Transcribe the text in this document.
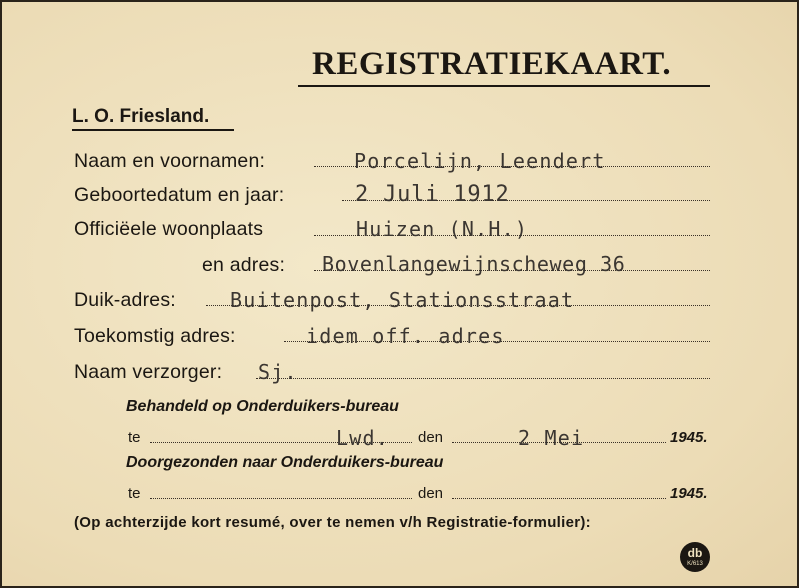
REGISTRATIEKAART.
L. O. Friesland.
Naam en voornamen:	Porcelijn, Leendert
Geboortedatum en jaar:	2 Juli 1912
Officiëele woonplaats	Huizen (N.H.)
en adres: Bovenlangewijnscheweg 36
Duik-adres:	Buitenpost, Stationsstraat
Toekomstig adres:	idem off. adres
Naam verzorger: Sj.
Behandeld op Onderduikers-bureau
te	Lwd. den	2 Mei	1945.
Doorgezonden naar Onderduikers-bureau
te	den	1945.
(Op achterzijde kort resumé, over te nemen v/h Registratie-formulier):
db
K/613
